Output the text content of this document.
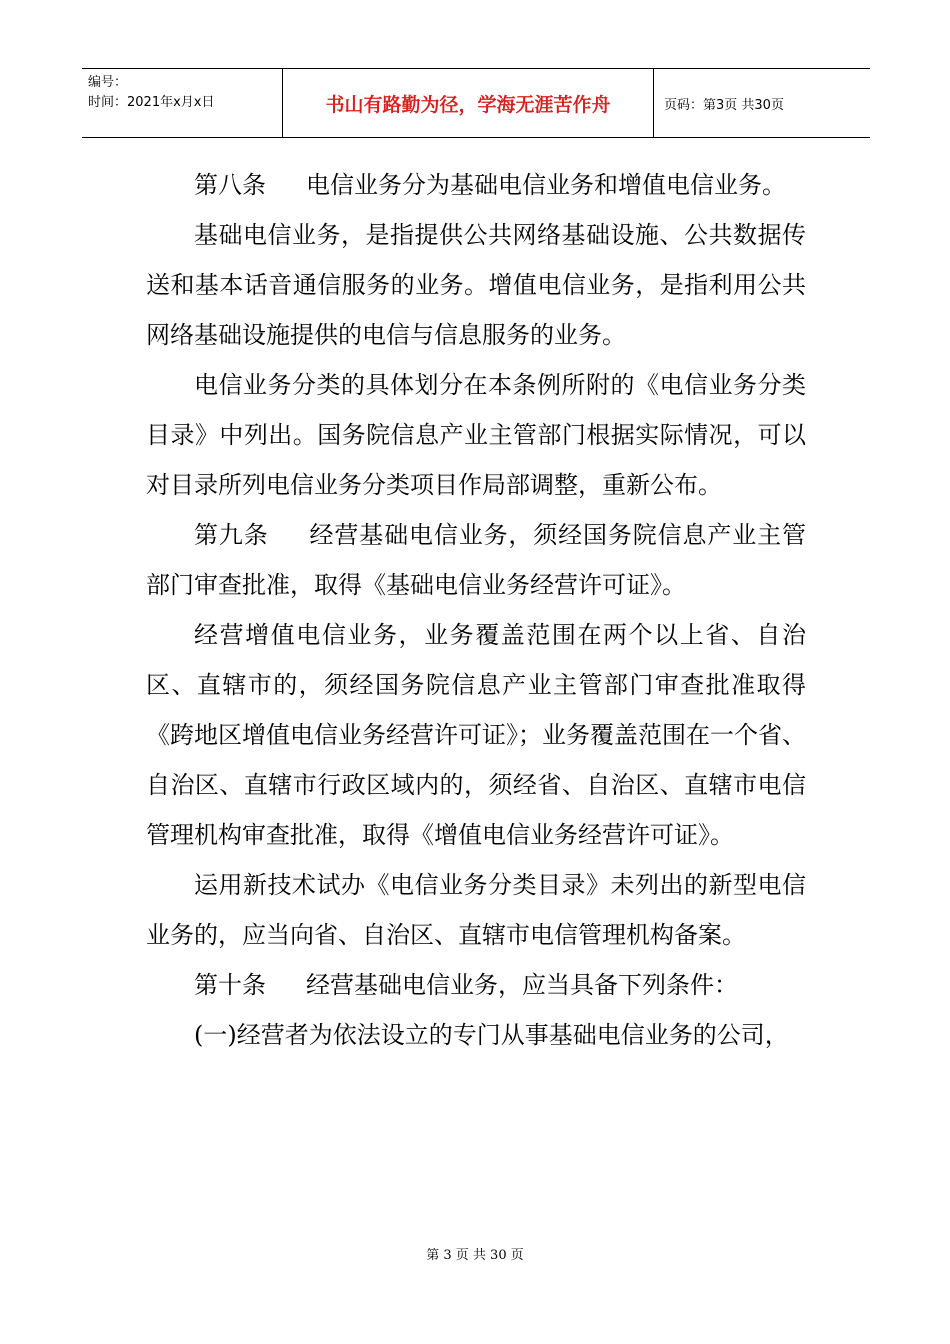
编号：
时间：2021年x月x日	书山有路勤为径，学海无涯苦作舟	页码：第3页 共30页

第八条 电信业务分为基础电信业务和增值电信业务。

基础电信业务，是指提供公共网络基础设施、公共数据传送和基本话音通信服务的业务。增值电信业务，是指利用公共网络基础设施提供的电信与信息服务的业务。

电信业务分类的具体划分在本条例所附的《电信业务分类目录》中列出。国务院信息产业主管部门根据实际情况，可以对目录所列电信业务分类项目作局部调整，重新公布。

第九条 经营基础电信业务，须经国务院信息产业主管部门审查批准，取得《基础电信业务经营许可证》。

经营增值电信业务，业务覆盖范围在两个以上省、自治区、直辖市的，须经国务院信息产业主管部门审查批准取得《跨地区增值电信业务经营许可证》；业务覆盖范围在一个省、自治区、直辖市行政区域内的，须经省、自治区、直辖市电信管理机构审查批准，取得《增值电信业务经营许可证》。

运用新技术试办《电信业务分类目录》未列出的新型电信业务的，应当向省、自治区、直辖市电信管理机构备案。

第十条 经营基础电信业务，应当具备下列条件：

(一)经营者为依法设立的专门从事基础电信业务的公司，

第 3 页 共 30 页
